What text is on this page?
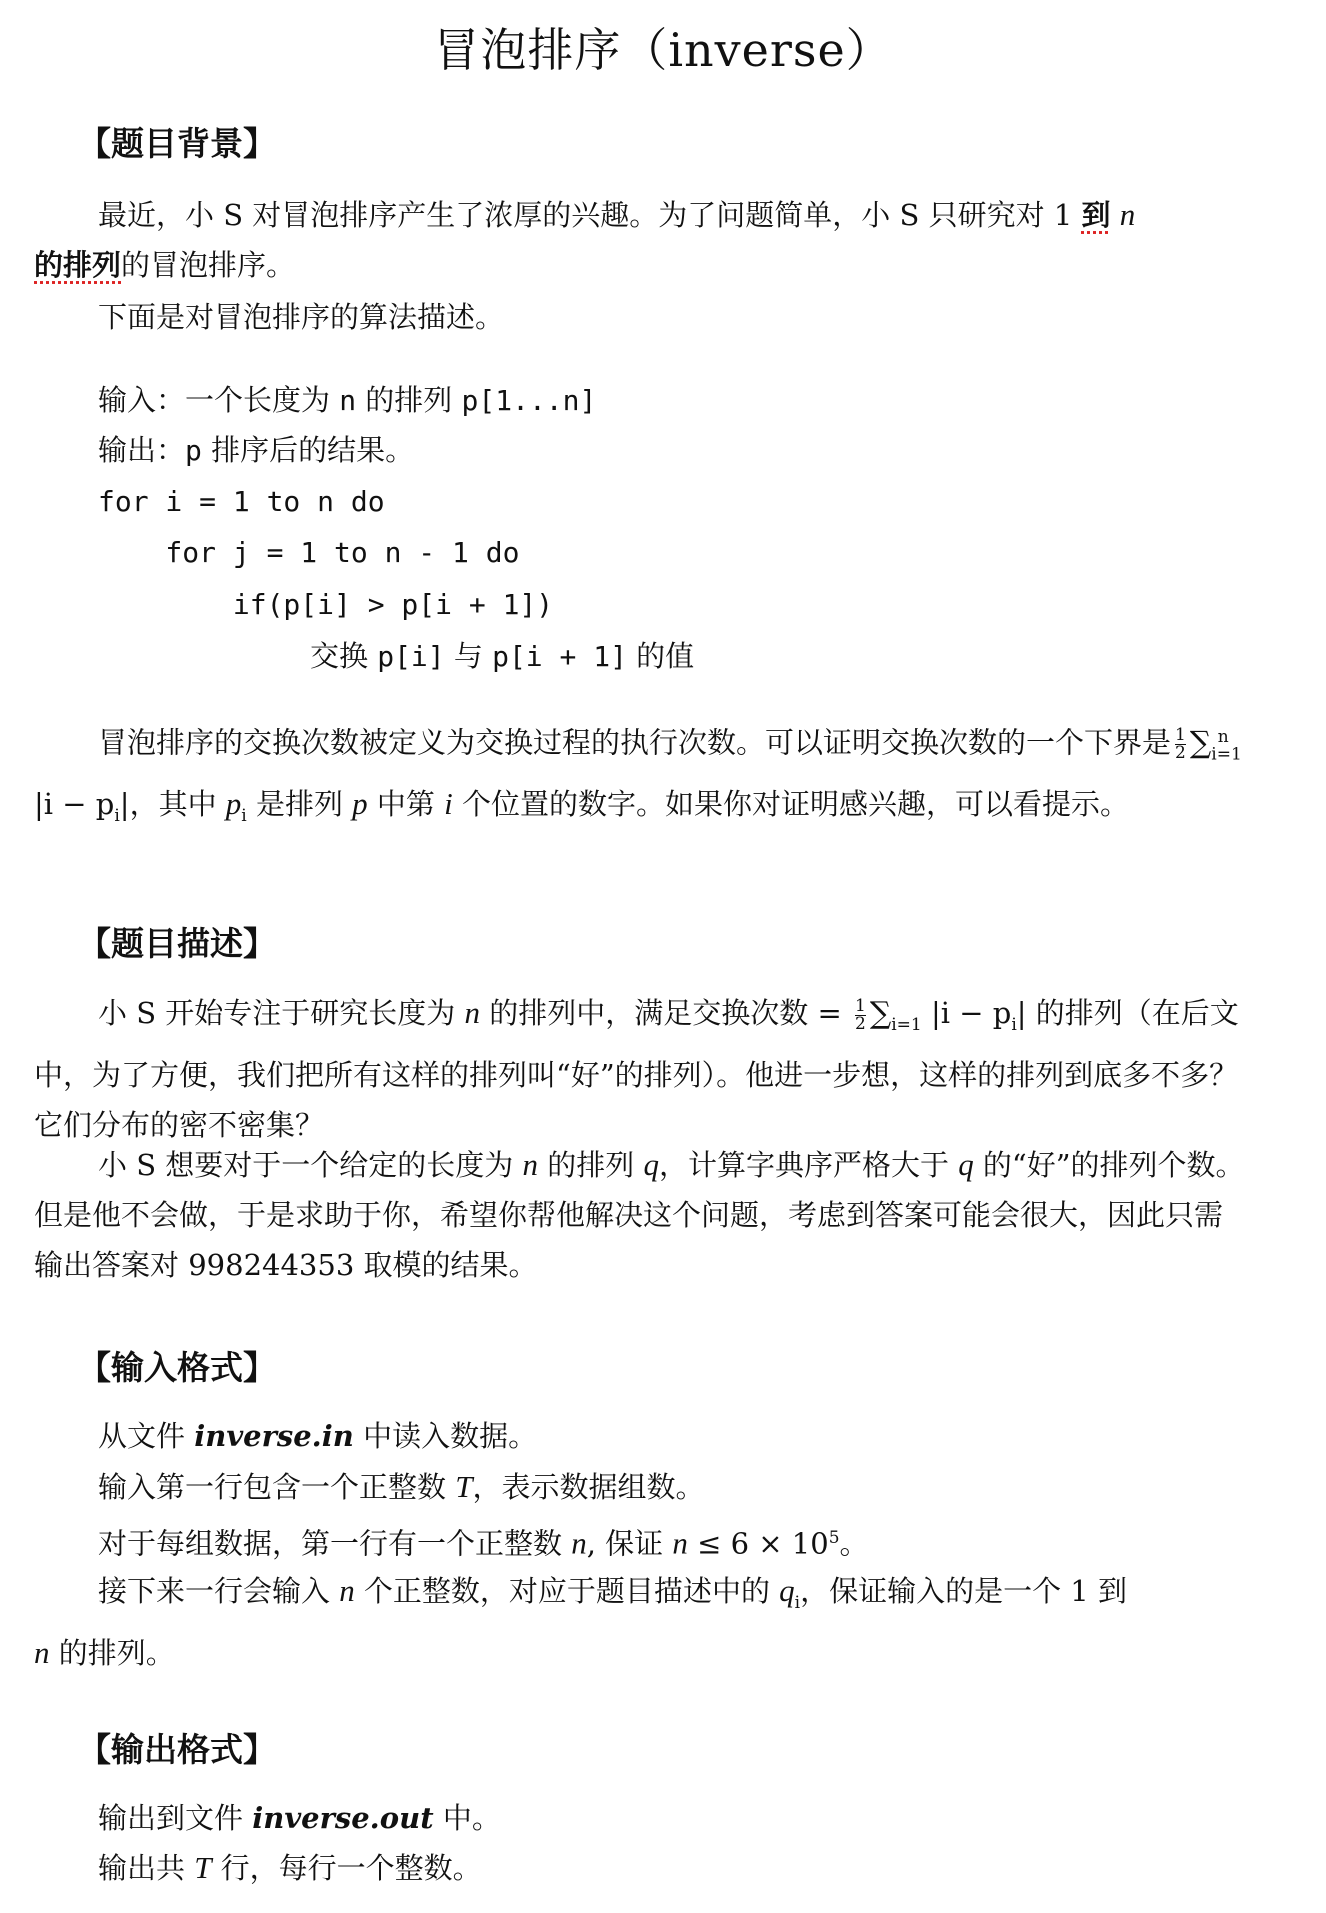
冒泡排序（inverse）
【题目背景】
最近，小 S 对冒泡排序产生了浓厚的兴趣。为了问题简单，小 S 只研究对 1 到 n
的排列的冒泡排序。
下面是对冒泡排序的算法描述。
输入：一个长度为 n 的排列 p[1...n]
输出：p 排序后的结果。
for i = 1 to n do
for j = 1 to n - 1 do
if(p[i] > p[i + 1])
交换 p[i] 与 p[i + 1] 的值
冒泡排序的交换次数被定义为交换过程的执行次数。可以证明交换次数的一个下界是 $\frac{1}{2} \sum_{i=1}^n$ $|i - p_i|$，其中 $p_i$ 是排列 p 中第 i 个位置的数字。如果你对证明感兴趣，可以看提示。
【题目描述】
小 S 开始专注于研究长度为 n 的排列中，满足交换次数 = $\frac{1}{2} \sum_{i=1}$ $|i - p_i|$ 的排列（在后文中，为了方便，我们把所有这样的排列叫“好”的排列）。他进一步想，这样的排列到底多不多？它们分布的密不密集？
小 S 想要对于一个给定的长度为 n 的排列 q，计算字典序严格大于 q 的“好”的排列个数。但是他不会做，于是求助于你，希望你帮他解决这个问题，考虑到答案可能会很大，因此只需输出答案对 998244353 取模的结果。
【输入格式】
从文件 inverse.in 中读入数据。
输入第一行包含一个正整数 T，表示数据组数。
对于每组数据，第一行有一个正整数 n, 保证 $n \le 6 \times 10^5$。
接下来一行会输入 n 个正整数，对应于题目描述中的 $q_i$，保证输入的是一个 1 到
n 的排列。
【输出格式】
输出到文件 inverse.out 中。
输出共 T 行，每行一个整数。
